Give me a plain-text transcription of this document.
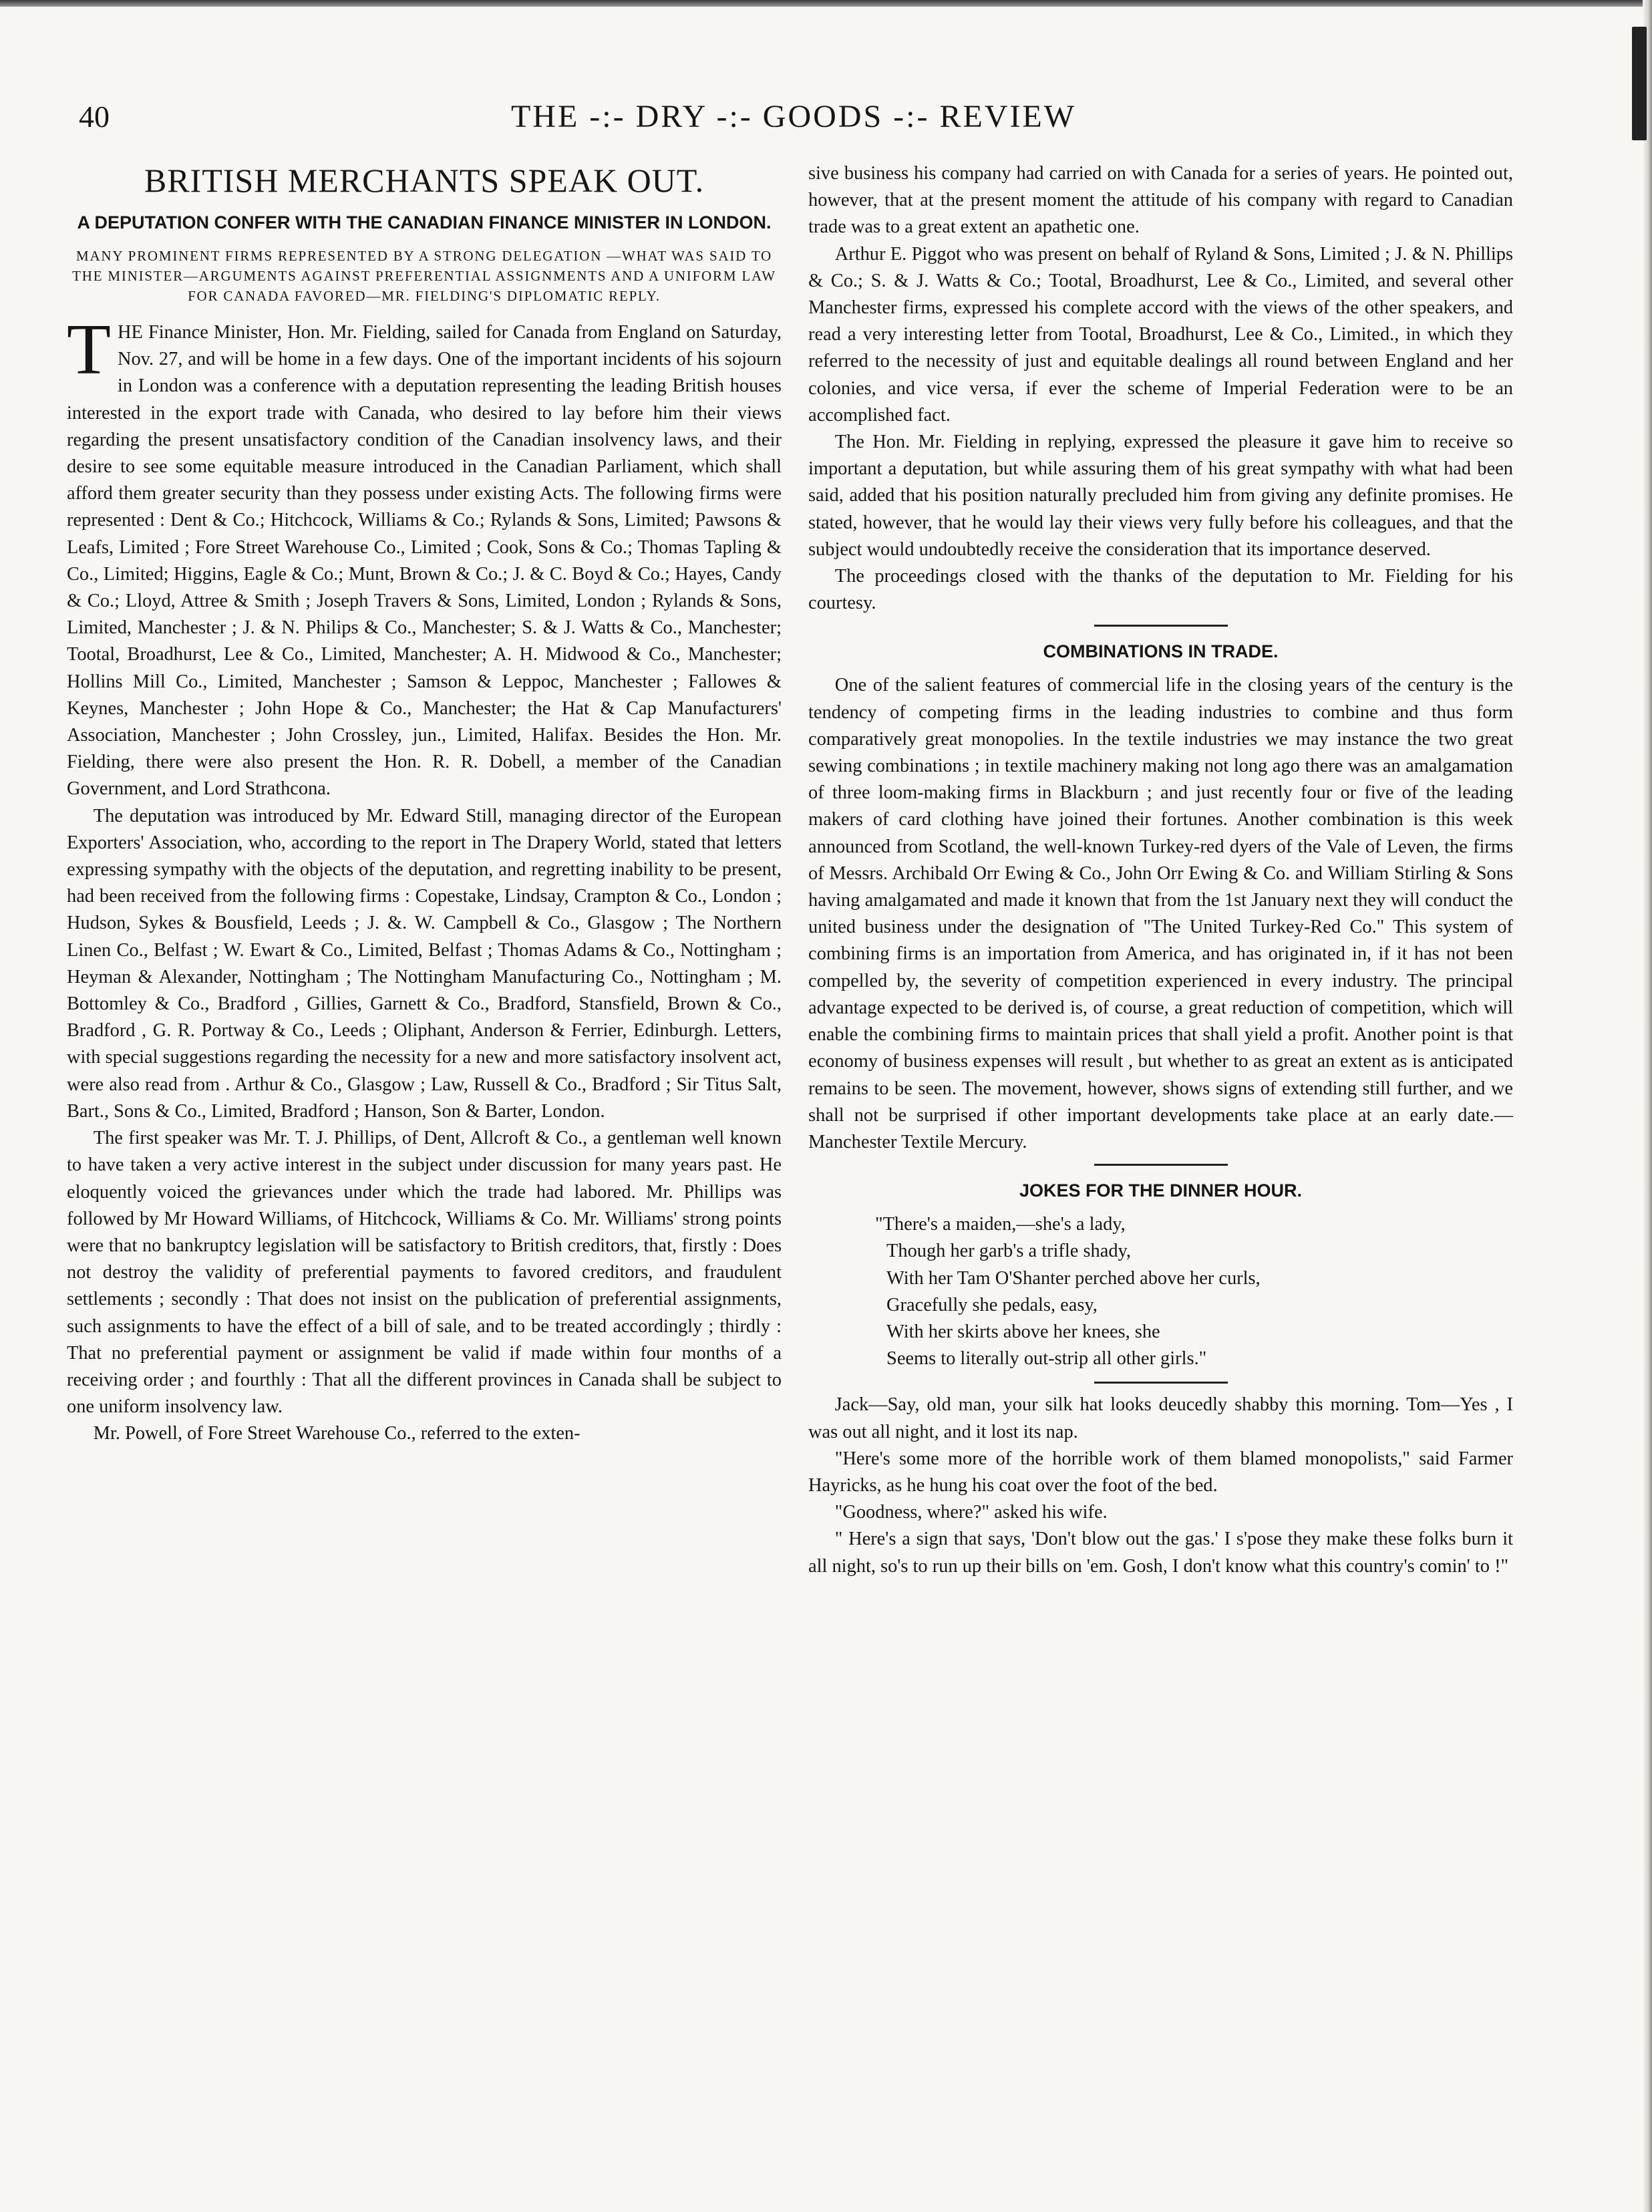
THE -:- DRY -:- GOODS -:- REVIEW
40
BRITISH MERCHANTS SPEAK OUT.
A DEPUTATION CONFER WITH THE CANADIAN FINANCE MINISTER IN LONDON.
MANY PROMINENT FIRMS REPRESENTED BY A STRONG DELEGATION —WHAT WAS SAID TO THE MINISTER—ARGUMENTS AGAINST PREFERENTIAL ASSIGNMENTS AND A UNIFORM LAW FOR CANADA FAVORED—MR. FIELDING'S DIPLOMATIC REPLY.

THE Finance Minister, Hon. Mr. Fielding, sailed for Canada from England on Saturday, Nov. 27, and will be home in a few days. One of the important incidents of his sojourn in London was a conference with a deputation representing the leading British houses interested in the export trade with Canada, who desired to lay before him their views regarding the present unsatisfactory condition of the Canadian insolvency laws, and their desire to see some equitable measure introduced in the Canadian Parliament, which shall afford them greater security than they possess under existing Acts. The following firms were represented : Dent & Co.; Hitchcock, Williams & Co.; Rylands & Sons, Limited; Pawsons & Leafs, Limited ; Fore Street Warehouse Co., Limited ; Cook, Sons & Co.; Thomas Tapling & Co., Limited; Higgins, Eagle & Co.; Munt, Brown & Co.; J. & C. Boyd & Co.; Hayes, Candy & Co.; Lloyd, Attree & Smith ; Joseph Travers & Sons, Limited, London ; Rylands & Sons, Limited, Manchester ; J. & N. Philips & Co., Manchester; S. & J. Watts & Co., Manchester; Tootal, Broadhurst, Lee & Co., Limited, Manchester; A. H. Midwood & Co., Manchester; Hollins Mill Co., Limited, Manchester ; Samson & Leppoc, Manchester ; Fallowes & Keynes, Manchester ; John Hope & Co., Manchester; the Hat & Cap Manufacturers' Association, Manchester ; John Crossley, jun., Limited, Halifax. Besides the Hon. Mr. Fielding, there were also present the Hon. R. R. Dobell, a member of the Canadian Government, and Lord Strathcona.

The deputation was introduced by Mr. Edward Still, managing director of the European Exporters' Association, who, according to the report in The Drapery World, stated that letters expressing sympathy with the objects of the deputation, and regretting inability to be present, had been received from the following firms : Copestake, Lindsay, Crampton & Co., London ; Hudson, Sykes & Bousfield, Leeds ; J. &. W. Campbell & Co., Glasgow ; The Northern Linen Co., Belfast ; W. Ewart & Co., Limited, Belfast ; Thomas Adams & Co., Nottingham ; Heyman & Alexander, Nottingham ; The Nottingham Manufacturing Co., Nottingham ; M. Bottomley & Co., Bradford , Gillies, Garnett & Co., Bradford, Stansfield, Brown & Co., Bradford , G. R. Portway & Co., Leeds ; Oliphant, Anderson & Ferrier, Edinburgh. Letters, with special suggestions regarding the necessity for a new and more satisfactory insolvent act, were also read from . Arthur & Co., Glasgow ; Law, Russell & Co., Bradford ; Sir Titus Salt, Bart., Sons & Co., Limited, Bradford ; Hanson, Son & Barter, London.

The first speaker was Mr. T. J. Phillips, of Dent, Allcroft & Co., a gentleman well known to have taken a very active interest in the subject under discussion for many years past. He eloquently voiced the grievances under which the trade had labored. Mr. Phillips was followed by Mr Howard Williams, of Hitchcock, Williams & Co. Mr. Williams' strong points were that no bankruptcy legislation will be satisfactory to British creditors, that, firstly : Does not destroy the validity of preferential payments to favored creditors, and fraudulent settlements ; secondly : That does not insist on the publication of preferential assignments, such assignments to have the effect of a bill of sale, and to be treated accordingly ; thirdly : That no preferential payment or assignment be valid if made within four months of a receiving order ; and fourthly : That all the different provinces in Canada shall be subject to one uniform insolvency law.

Mr. Powell, of Fore Street Warehouse Co., referred to the exten-

sive business his company had carried on with Canada for a series of years. He pointed out, however, that at the present moment the attitude of his company with regard to Canadian trade was to a great extent an apathetic one.

Arthur E. Piggot who was present on behalf of Ryland & Sons, Limited ; J. & N. Phillips & Co.; S. & J. Watts & Co.; Tootal, Broadhurst, Lee & Co., Limited, and several other Manchester firms, expressed his complete accord with the views of the other speakers, and read a very interesting letter from Tootal, Broadhurst, Lee & Co., Limited., in which they referred to the necessity of just and equitable dealings all round between England and her colonies, and vice versa, if ever the scheme of Imperial Federation were to be an accomplished fact.

The Hon. Mr. Fielding in replying, expressed the pleasure it gave him to receive so important a deputation, but while assuring them of his great sympathy with what had been said, added that his position naturally precluded him from giving any definite promises. He stated, however, that he would lay their views very fully before his colleagues, and that the subject would undoubtedly receive the consideration that its importance deserved.

The proceedings closed with the thanks of the deputation to Mr. Fielding for his courtesy.

COMBINATIONS IN TRADE.

One of the salient features of commercial life in the closing years of the century is the tendency of competing firms in the leading industries to combine and thus form comparatively great monopolies. In the textile industries we may instance the two great sewing combinations ; in textile machinery making not long ago there was an amalgamation of three loom-making firms in Blackburn ; and just recently four or five of the leading makers of card clothing have joined their fortunes. Another combination is this week announced from Scotland, the well-known Turkey-red dyers of the Vale of Leven, the firms of Messrs. Archibald Orr Ewing & Co., John Orr Ewing & Co. and William Stirling & Sons having amalgamated and made it known that from the 1st January next they will conduct the united business under the designation of "The United Turkey-Red Co." This system of combining firms is an importation from America, and has originated in, if it has not been compelled by, the severity of competition experienced in every industry. The principal advantage expected to be derived is, of course, a great reduction of competition, which will enable the combining firms to maintain prices that shall yield a profit. Another point is that economy of business expenses will result , but whether to as great an extent as is anticipated remains to be seen. The movement, however, shows signs of extending still further, and we shall not be surprised if other important developments take place at an early date.—Manchester Textile Mercury.

JOKES FOR THE DINNER HOUR.
"There's a maiden,—she's a lady,
Though her garb's a trifle shady,
With her Tam O'Shanter perched above her curls,
Gracefully she pedals, easy,
With her skirts above her knees, she
Seems to literally out-strip all other girls."

Jack—Say, old man, your silk hat looks deucedly shabby this morning. Tom—Yes , I was out all night, and it lost its nap.

"Here's some more of the horrible work of them blamed monopolists," said Farmer Hayricks, as he hung his coat over the foot of the bed.

"Goodness, where?" asked his wife.

" Here's a sign that says, 'Don't blow out the gas.' I s'pose they make these folks burn it all night, so's to run up their bills on 'em. Gosh, I don't know what this country's comin' to !"
